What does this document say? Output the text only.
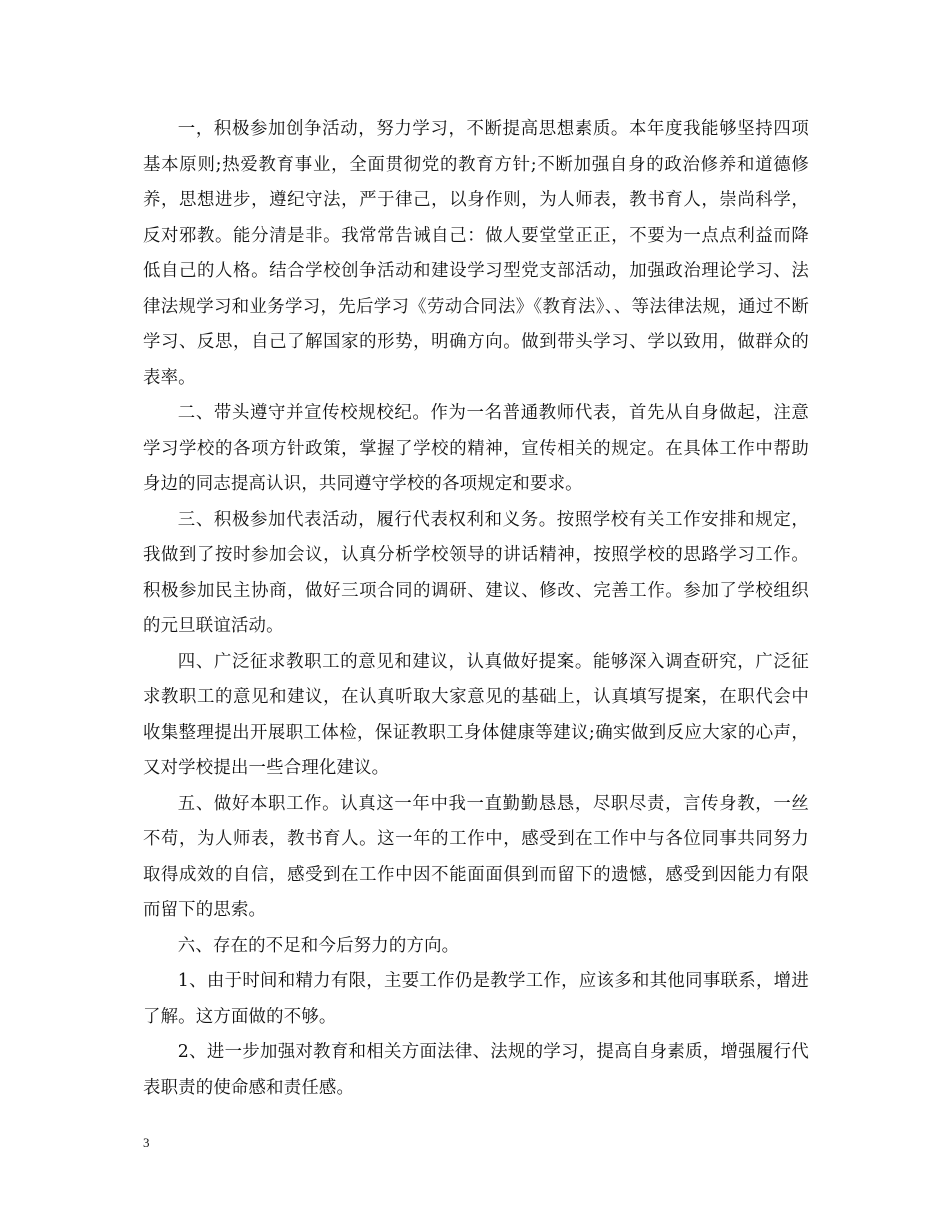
一，积极参加创争活动，努力学习，不断提高思想素质。本年度我能够坚持四项基本原则;热爱教育事业，全面贯彻党的教育方针;不断加强自身的政治修养和道德修养，思想进步，遵纪守法，严于律己，以身作则，为人师表，教书育人，崇尚科学，反对邪教。能分清是非。我常常告诫自己：做人要堂堂正正，不要为一点点利益而降低自己的人格。结合学校创争活动和建设学习型党支部活动，加强政治理论学习、法律法规学习和业务学习，先后学习《劳动合同法》《教育法》、、等法律法规，通过不断学习、反思，自己了解国家的形势，明确方向。做到带头学习、学以致用，做群众的表率。

二、带头遵守并宣传校规校纪。作为一名普通教师代表，首先从自身做起，注意学习学校的各项方针政策，掌握了学校的精神，宣传相关的规定。在具体工作中帮助身边的同志提高认识，共同遵守学校的各项规定和要求。

三、积极参加代表活动，履行代表权利和义务。按照学校有关工作安排和规定，我做到了按时参加会议，认真分析学校领导的讲话精神，按照学校的思路学习工作。积极参加民主协商，做好三项合同的调研、建议、修改、完善工作。参加了学校组织的元旦联谊活动。

四、广泛征求教职工的意见和建议，认真做好提案。能够深入调查研究，广泛征求教职工的意见和建议，在认真听取大家意见的基础上，认真填写提案，在职代会中收集整理提出开展职工体检，保证教职工身体健康等建议;确实做到反应大家的心声，又对学校提出一些合理化建议。

五、做好本职工作。认真这一年中我一直勤勤恳恳，尽职尽责，言传身教，一丝不苟，为人师表，教书育人。这一年的工作中，感受到在工作中与各位同事共同努力取得成效的自信，感受到在工作中因不能面面俱到而留下的遗憾，感受到因能力有限而留下的思索。

六、存在的不足和今后努力的方向。

1、由于时间和精力有限，主要工作仍是教学工作，应该多和其他同事联系，增进了解。这方面做的不够。

2、进一步加强对教育和相关方面法律、法规的学习，提高自身素质，增强履行代表职责的使命感和责任感。

3
